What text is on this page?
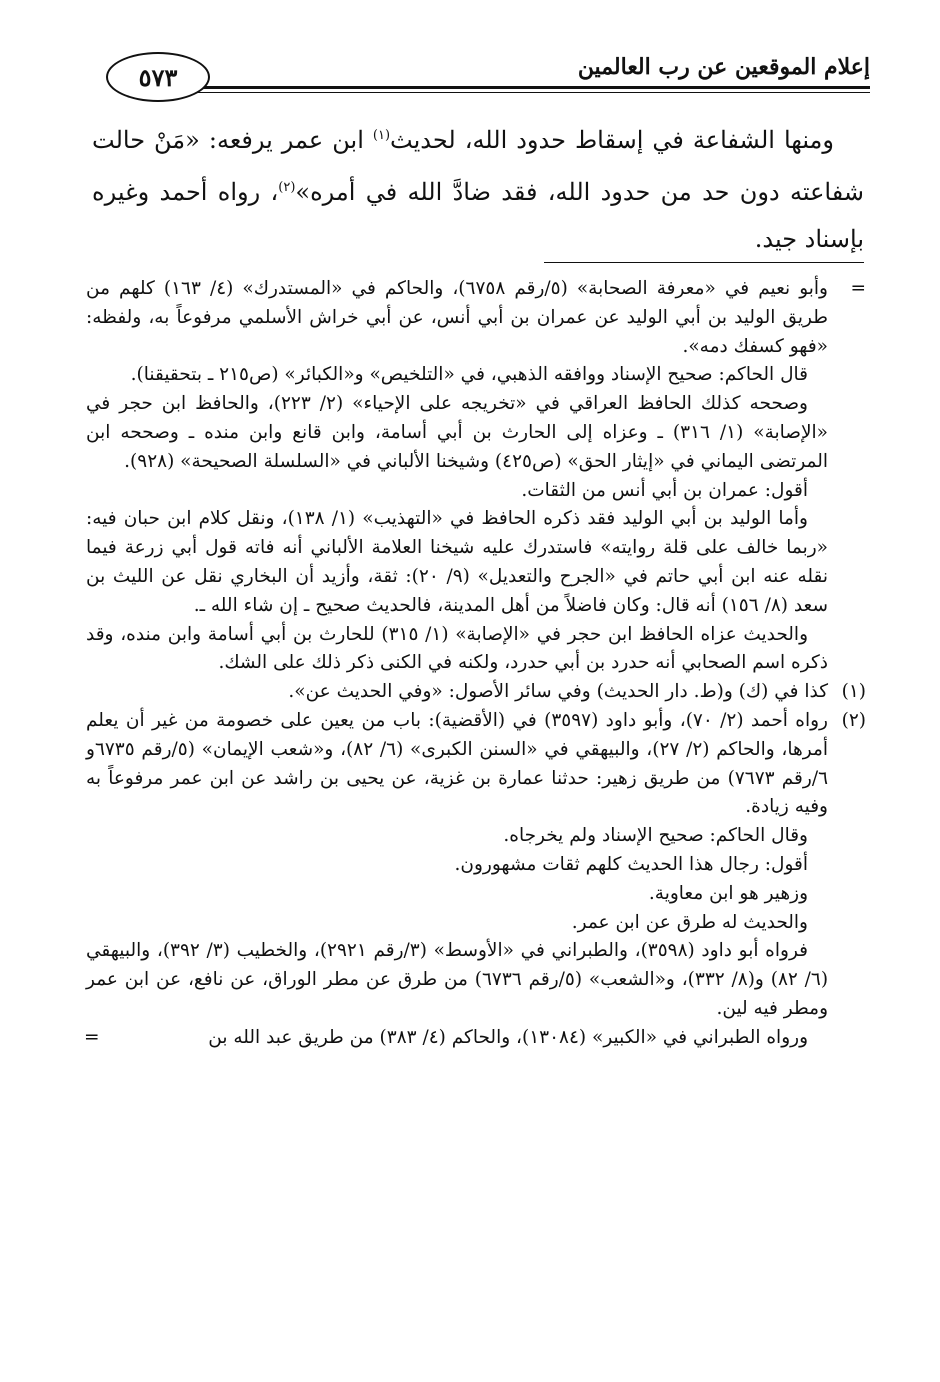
إعلام الموقعين عن رب العالمين
٥٧٣

ومنها الشفاعة في إسقاط حدود الله، لحديث$^{(١)}$ ابن عمر يرفعه: «مَنْ حالت شفاعته دون حد من حدود الله، فقد ضادَّ الله في أمره»$^{(٢)}$، رواه أحمد وغيره بإسناد جيد.

=

وأبو نعيم في «معرفة الصحابة» (٥/رقم ٦٧٥٨)، والحاكم في «المستدرك» (٤/ ١٦٣) كلهم من طريق الوليد بن أبي الوليد عن عمران بن أبي أنس، عن أبي خراش الأسلمي مرفوعاً به، ولفظه: «فهو كسفك دمه».

قال الحاكم: صحيح الإسناد ووافقه الذهبي، في «التلخيص» و«الكبائر» (ص٢١٥ ـ بتحقيقنا).

وصححه كذلك الحافظ العراقي في «تخريجه على الإحياء» (٢/ ٢٢٣)، والحافظ ابن حجر في «الإصابة» (١/ ٣١٦) ـ وعزاه إلى الحارث بن أبي أسامة، وابن قانع وابن منده ـ وصححه ابن المرتضى اليماني في «إيثار الحق» (ص٤٢٥) وشيخنا الألباني في «السلسلة الصحيحة» (٩٢٨).

أقول: عمران بن أبي أنس من الثقات.

وأما الوليد بن أبي الوليد فقد ذكره الحافظ في «التهذيب» (١/ ١٣٨)، ونقل كلام ابن حبان فيه: «ربما خالف على قلة روايته» فاستدرك عليه شيخنا العلامة الألباني أنه فاته قول أبي زرعة فيما نقله عنه ابن أبي حاتم في «الجرح والتعديل» (٩/ ٢٠): ثقة، وأزيد أن البخاري نقل عن الليث بن سعد (٨/ ١٥٦) أنه قال: وكان فاضلاً من أهل المدينة، فالحديث صحيح ـ إن شاء الله ـ.

والحديث عزاه الحافظ ابن حجر في «الإصابة» (١/ ٣١٥) للحارث بن أبي أسامة وابن منده، وقد ذكره اسم الصحابي أنه حدرد بن أبي حدرد، ولكنه في الكنى ذكر ذلك على الشك.

(١)

كذا في (ك) و(ط. دار الحديث) وفي سائر الأصول: «وفي الحديث عن».

(٢)

رواه أحمد (٢/ ٧٠)، وأبو داود (٣٥٩٧) في (الأقضية): باب من يعين على خصومة من غير أن يعلم أمرها، والحاكم (٢/ ٢٧)، والبيهقي في «السنن الكبرى» (٦/ ٨٢)، و«شعب الإيمان» (٥/رقم ٦٧٣٥و ٦/رقم ٧٦٧٣) من طريق زهير: حدثنا عمارة بن غزية، عن يحيى بن راشد عن ابن عمر مرفوعاً به وفيه زيادة.

وقال الحاكم: صحيح الإسناد ولم يخرجاه.

أقول: رجال هذا الحديث كلهم ثقات مشهورون.

وزهير هو ابن معاوية.

والحديث له طرق عن ابن عمر.

فرواه أبو داود (٣٥٩٨)، والطبراني في «الأوسط» (٣/رقم ٢٩٢١)، والخطيب (٣/ ٣٩٢)، والبيهقي (٦/ ٨٢) و(٨/ ٣٣٢)، و«الشعب» (٥/رقم ٦٧٣٦) من طرق عن مطر الوراق، عن نافع، عن ابن عمر ومطر فيه لين.

ورواه الطبراني في «الكبير» (١٣٠٨٤)، والحاكم (٤/ ٣٨٣) من طريق عبد الله بن

=
